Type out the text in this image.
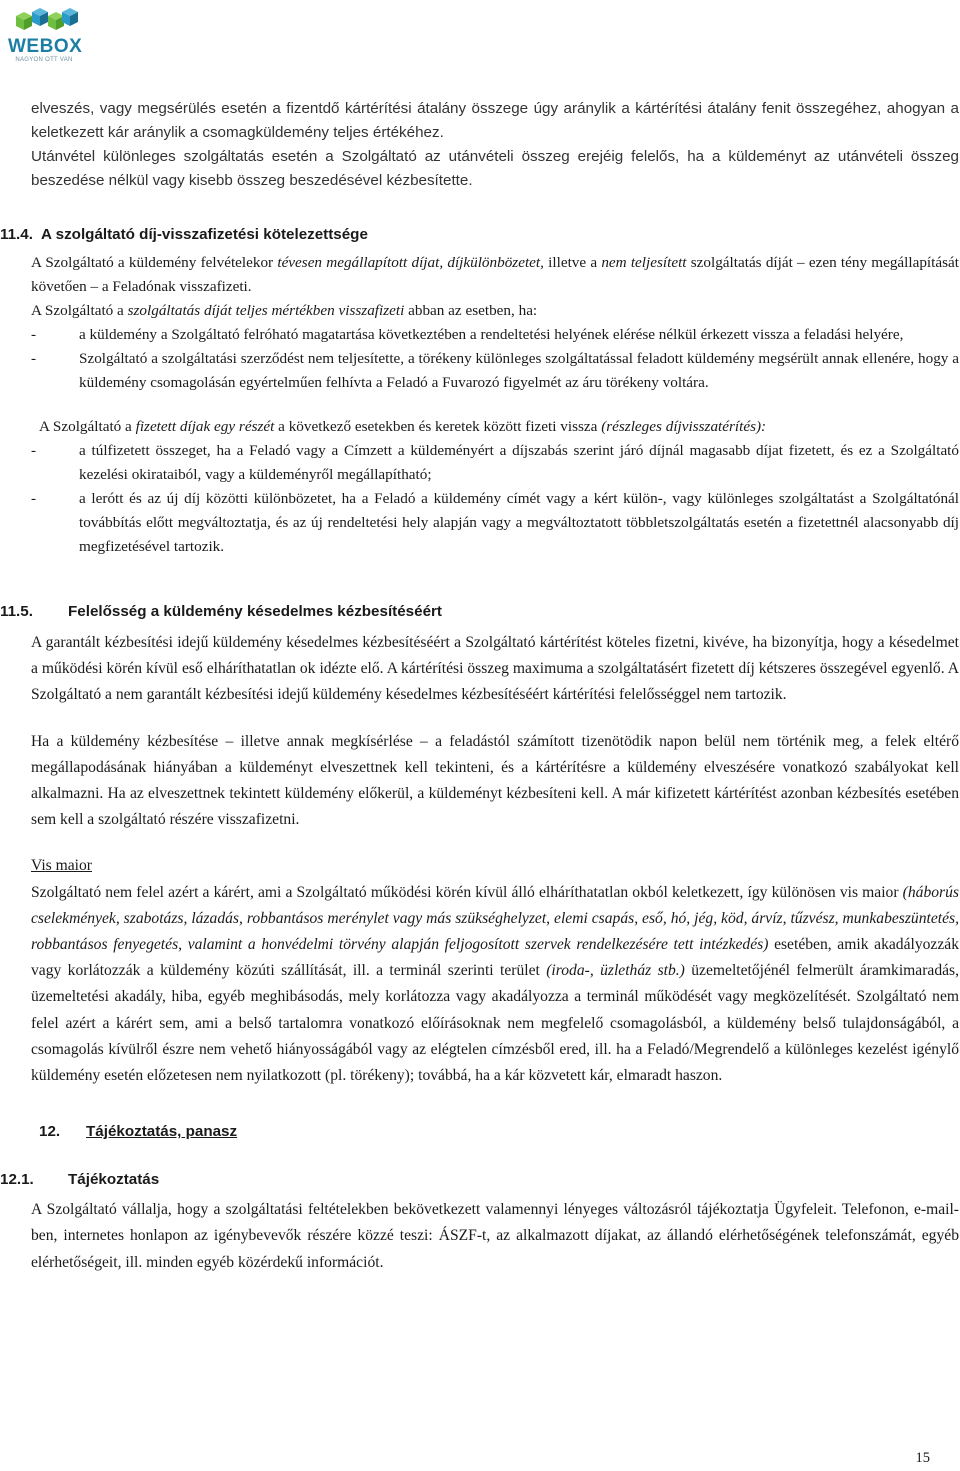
WEBOX
NAGYON OTT VAN

elveszés, vagy megsérülés esetén a fizentdő kártérítési átalány összege úgy aránylik a kártérítési átalány fenit összegéhez, ahogyan a keletkezett kár aránylik a csomagküldemény teljes értékéhez.

Utánvétel különleges szolgáltatás esetén a Szolgáltató az utánvételi összeg erejéig felelős, ha a küldeményt az utánvételi összeg beszedése nélkül vagy kisebb összeg beszedésével kézbesítette.

11.4. A szolgáltató díj-visszafizetési kötelezettsége

A Szolgáltató a küldemény felvételekor tévesen megállapított díjat, díjkülönbözetet, illetve a nem teljesített szolgáltatás díját – ezen tény megállapítását követően – a Feladónak visszafizeti.

A Szolgáltató a szolgáltatás díját teljes mértékben visszafizeti abban az esetben, ha:

-	a küldemény a Szolgáltató felróható magatartása következtében a rendeltetési helyének elérése nélkül érkezett vissza a feladási helyére,
-	Szolgáltató a szolgáltatási szerződést nem teljesítette, a törékeny különleges szolgáltatással feladott küldemény megsérült annak ellenére, hogy a küldemény csomagolásán egyértelműen felhívta a Feladó a Fuvarozó figyelmét az áru törékeny voltára.

A Szolgáltató a fizetett díjak egy részét a következő esetekben és keretek között fizeti vissza (részleges díjvisszatérítés):

-	a túlfizetett összeget, ha a Feladó vagy a Címzett a küldeményért a díjszabás szerint járó díjnál magasabb díjat fizetett, és ez a Szolgáltató kezelési okirataiból, vagy a küldeményről megállapítható;
-	a lerótt és az új díj közötti különbözetet, ha a Feladó a küldemény címét vagy a kért külön-, vagy különleges szolgáltatást a Szolgáltatónál továbbítás előtt megváltoztatja, és az új rendeltetési hely alapján vagy a megváltoztatott többletszolgáltatás esetén a fizetettnél alacsonyabb díj megfizetésével tartozik.
11.5. Felelősség a küldemény késedelmes kézbesítéséért

A garantált kézbesítési idejű küldemény késedelmes kézbesítéséért a Szolgáltató kártérítést köteles fizetni, kivéve, ha bizonyítja, hogy a késedelmet a működési körén kívül eső elháríthatatlan ok idézte elő. A kártérítési összeg maximuma a szolgáltatásért fizetett díj kétszeres összegével egyenlő. A Szolgáltató a nem garantált kézbesítési idejű küldemény késedelmes kézbesítéséért kártérítési felelősséggel nem tartozik.

Ha a küldemény kézbesítése – illetve annak megkísérlése – a feladástól számított tizenötödik napon belül nem történik meg, a felek eltérő megállapodásának hiányában a küldeményt elveszettnek kell tekinteni, és a kártérítésre a küldemény elveszésére vonatkozó szabályokat kell alkalmazni. Ha az elveszettnek tekintett küldemény előkerül, a küldeményt kézbesíteni kell. A már kifizetett kártérítést azonban kézbesítés esetében sem kell a szolgáltató részére visszafizetni.

Vis maior

Szolgáltató nem felel azért a kárért, ami a Szolgáltató működési körén kívül álló elháríthatatlan okból keletkezett, így különösen vis maior (háborús cselekmények, szabotázs, lázadás, robbantásos merénylet vagy más szükséghelyzet, elemi csapás, eső, hó, jég, köd, árvíz, tűzvész, munkabeszüntetés, robbantásos fenyegetés, valamint a honvédelmi törvény alapján feljogosított szervek rendelkezésére tett intézkedés) esetében, amik akadályozzák vagy korlátozzák a küldemény közúti szállítását, ill. a terminál szerinti terület (iroda-, üzletház stb.) üzemeltetőjénél felmerült áramkimaradás, üzemeltetési akadály, hiba, egyéb meghibásodás, mely korlátozza vagy akadályozza a terminál működését vagy megközelítését. Szolgáltató nem felel azért a kárért sem, ami a belső tartalomra vonatkozó előírásoknak nem megfelelő csomagolásból, a küldemény belső tulajdonságából, a csomagolás kívülről észre nem vehető hiányosságából vagy az elégtelen címzésből ered, ill. ha a Feladó/Megrendelő a különleges kezelést igénylő küldemény esetén előzetesen nem nyilatkozott (pl. törékeny); továbbá, ha a kár közvetett kár, elmaradt haszon.

12. Tájékoztatás, panasz
12.1. Tájékoztatás

A Szolgáltató vállalja, hogy a szolgáltatási feltételekben bekövetkezett valamennyi lényeges változásról tájékoztatja Ügyfeleit. Telefonon, e-mail-ben, internetes honlapon az igénybevevők részére közzé teszi: ÁSZF-t, az alkalmazott díjakat, az állandó elérhetőségének telefonszámát, egyéb elérhetőségeit, ill. minden egyéb közérdekű információt.

15
